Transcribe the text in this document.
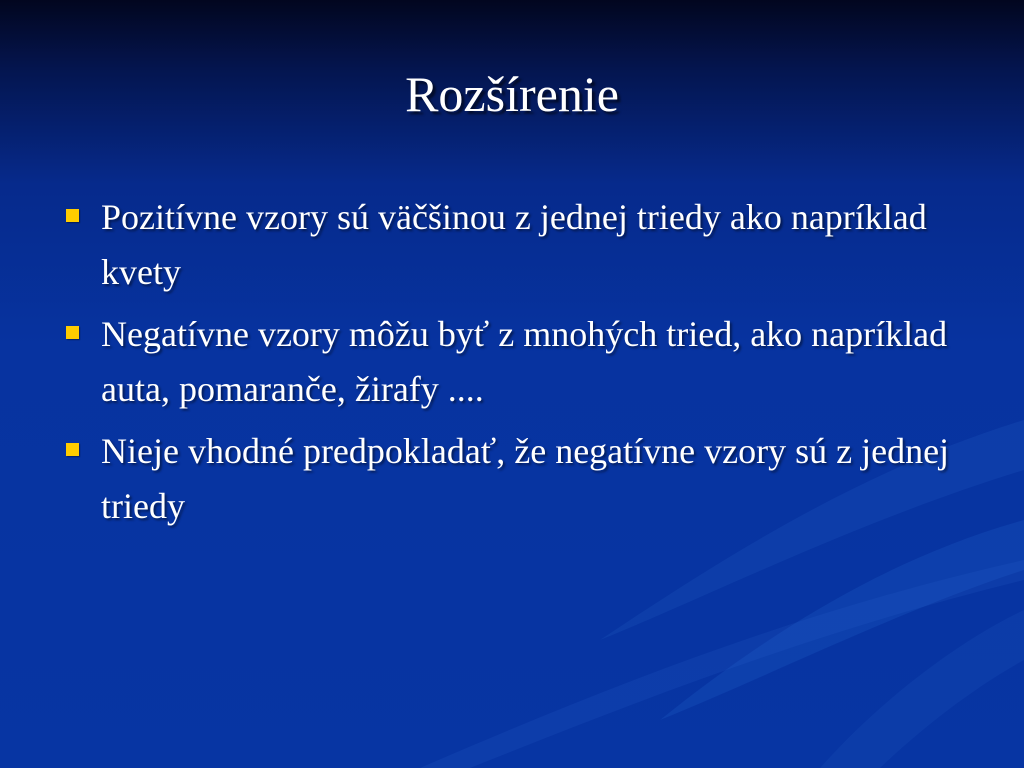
Rozšírenie
Pozitívne vzory sú väčšinou z jednej triedy ako napríklad kvety
Negatívne vzory môžu byť z mnohých tried, ako napríklad auta, pomaranče, žirafy ....
Nieje vhodné predpokladať, že negatívne vzory sú z jednej triedy
